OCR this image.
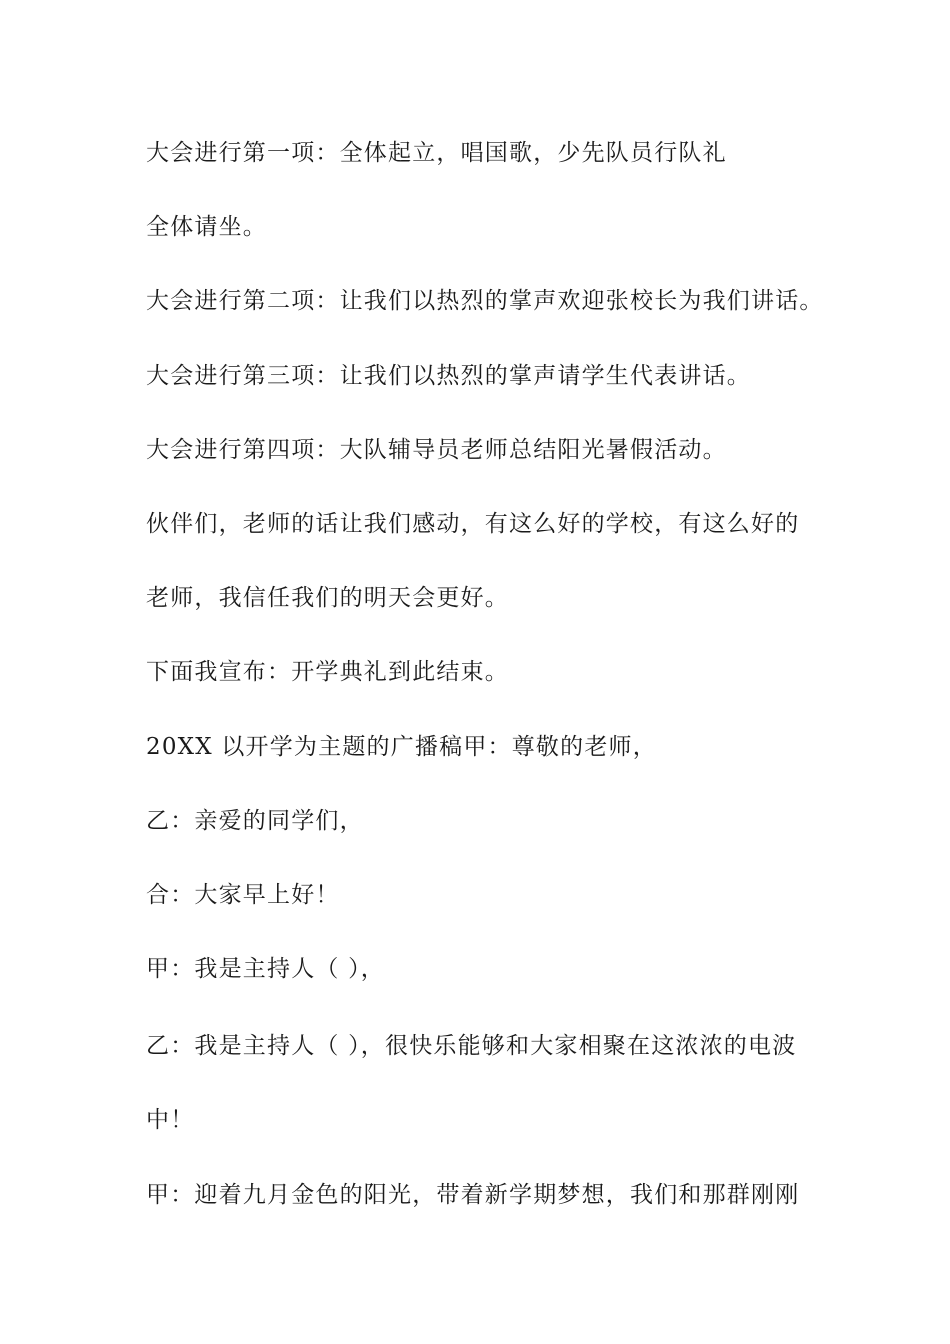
大会进行第一项：全体起立，唱国歌，少先队员行队礼

全体请坐。

大会进行第二项：让我们以热烈的掌声欢迎张校长为我们讲话。

大会进行第三项：让我们以热烈的掌声请学生代表讲话。

大会进行第四项：大队辅导员老师总结阳光暑假活动。

伙伴们，老师的话让我们感动，有这么好的学校，有这么好的

老师，我信任我们的明天会更好。

下面我宣布：开学典礼到此结束。

20XX 以开学为主题的广播稿甲：尊敬的老师，

乙：亲爱的同学们，

合：大家早上好！

甲：我是主持人（ ），

乙：我是主持人（ ），很快乐能够和大家相聚在这浓浓的电波

中！

甲：迎着九月金色的阳光，带着新学期梦想，我们和那群刚刚
